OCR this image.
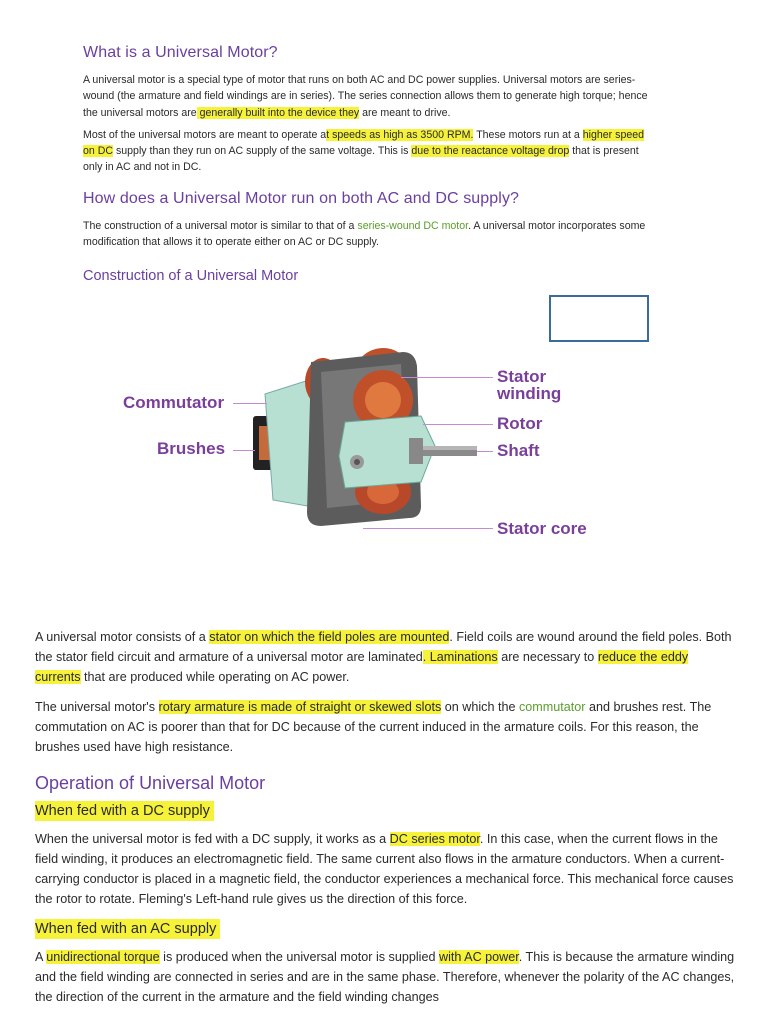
What is a Universal Motor?

A universal motor is a special type of motor that runs on both AC and DC power supplies. Universal motors are series-wound (the armature and field windings are in series). The series connection allows them to generate high torque; hence the universal motors are generally built into the device they are meant to drive.

Most of the universal motors are meant to operate at speeds as high as 3500 RPM. These motors run at a higher speed on DC supply than they run on AC supply of the same voltage. This is due to the reactance voltage drop that is present only in AC and not in DC.

How does a Universal Motor run on both AC and DC supply?

The construction of a universal motor is similar to that of a series-wound DC motor. A universal motor incorporates some modification that allows it to operate either on AC or DC supply.

Construction of a Universal Motor
Commutator
Brushes
Stator
winding
Rotor
Shaft
Stator core

A universal motor consists of a stator on which the field poles are mounted. Field coils are wound around the field poles. Both the stator field circuit and armature of a universal motor are laminated. Laminations are necessary to reduce the eddy currents that are produced while operating on AC power.

The universal motor's rotary armature is made of straight or skewed slots on which the commutator and brushes rest. The commutation on AC is poorer than that for DC because of the current induced in the armature coils. For this reason, the brushes used have high resistance.

Operation of Universal Motor
When fed with a DC supply

When the universal motor is fed with a DC supply, it works as a DC series motor. In this case, when the current flows in the field winding, it produces an electromagnetic field. The same current also flows in the armature conductors. When a current-carrying conductor is placed in a magnetic field, the conductor experiences a mechanical force. This mechanical force causes the rotor to rotate. Fleming's Left-hand rule gives us the direction of this force.

When fed with an AC supply

A unidirectional torque is produced when the universal motor is supplied with AC power. This is because the armature winding and the field winding are connected in series and are in the same phase. Therefore, whenever the polarity of the AC changes, the direction of the current in the armature and the field winding changes
